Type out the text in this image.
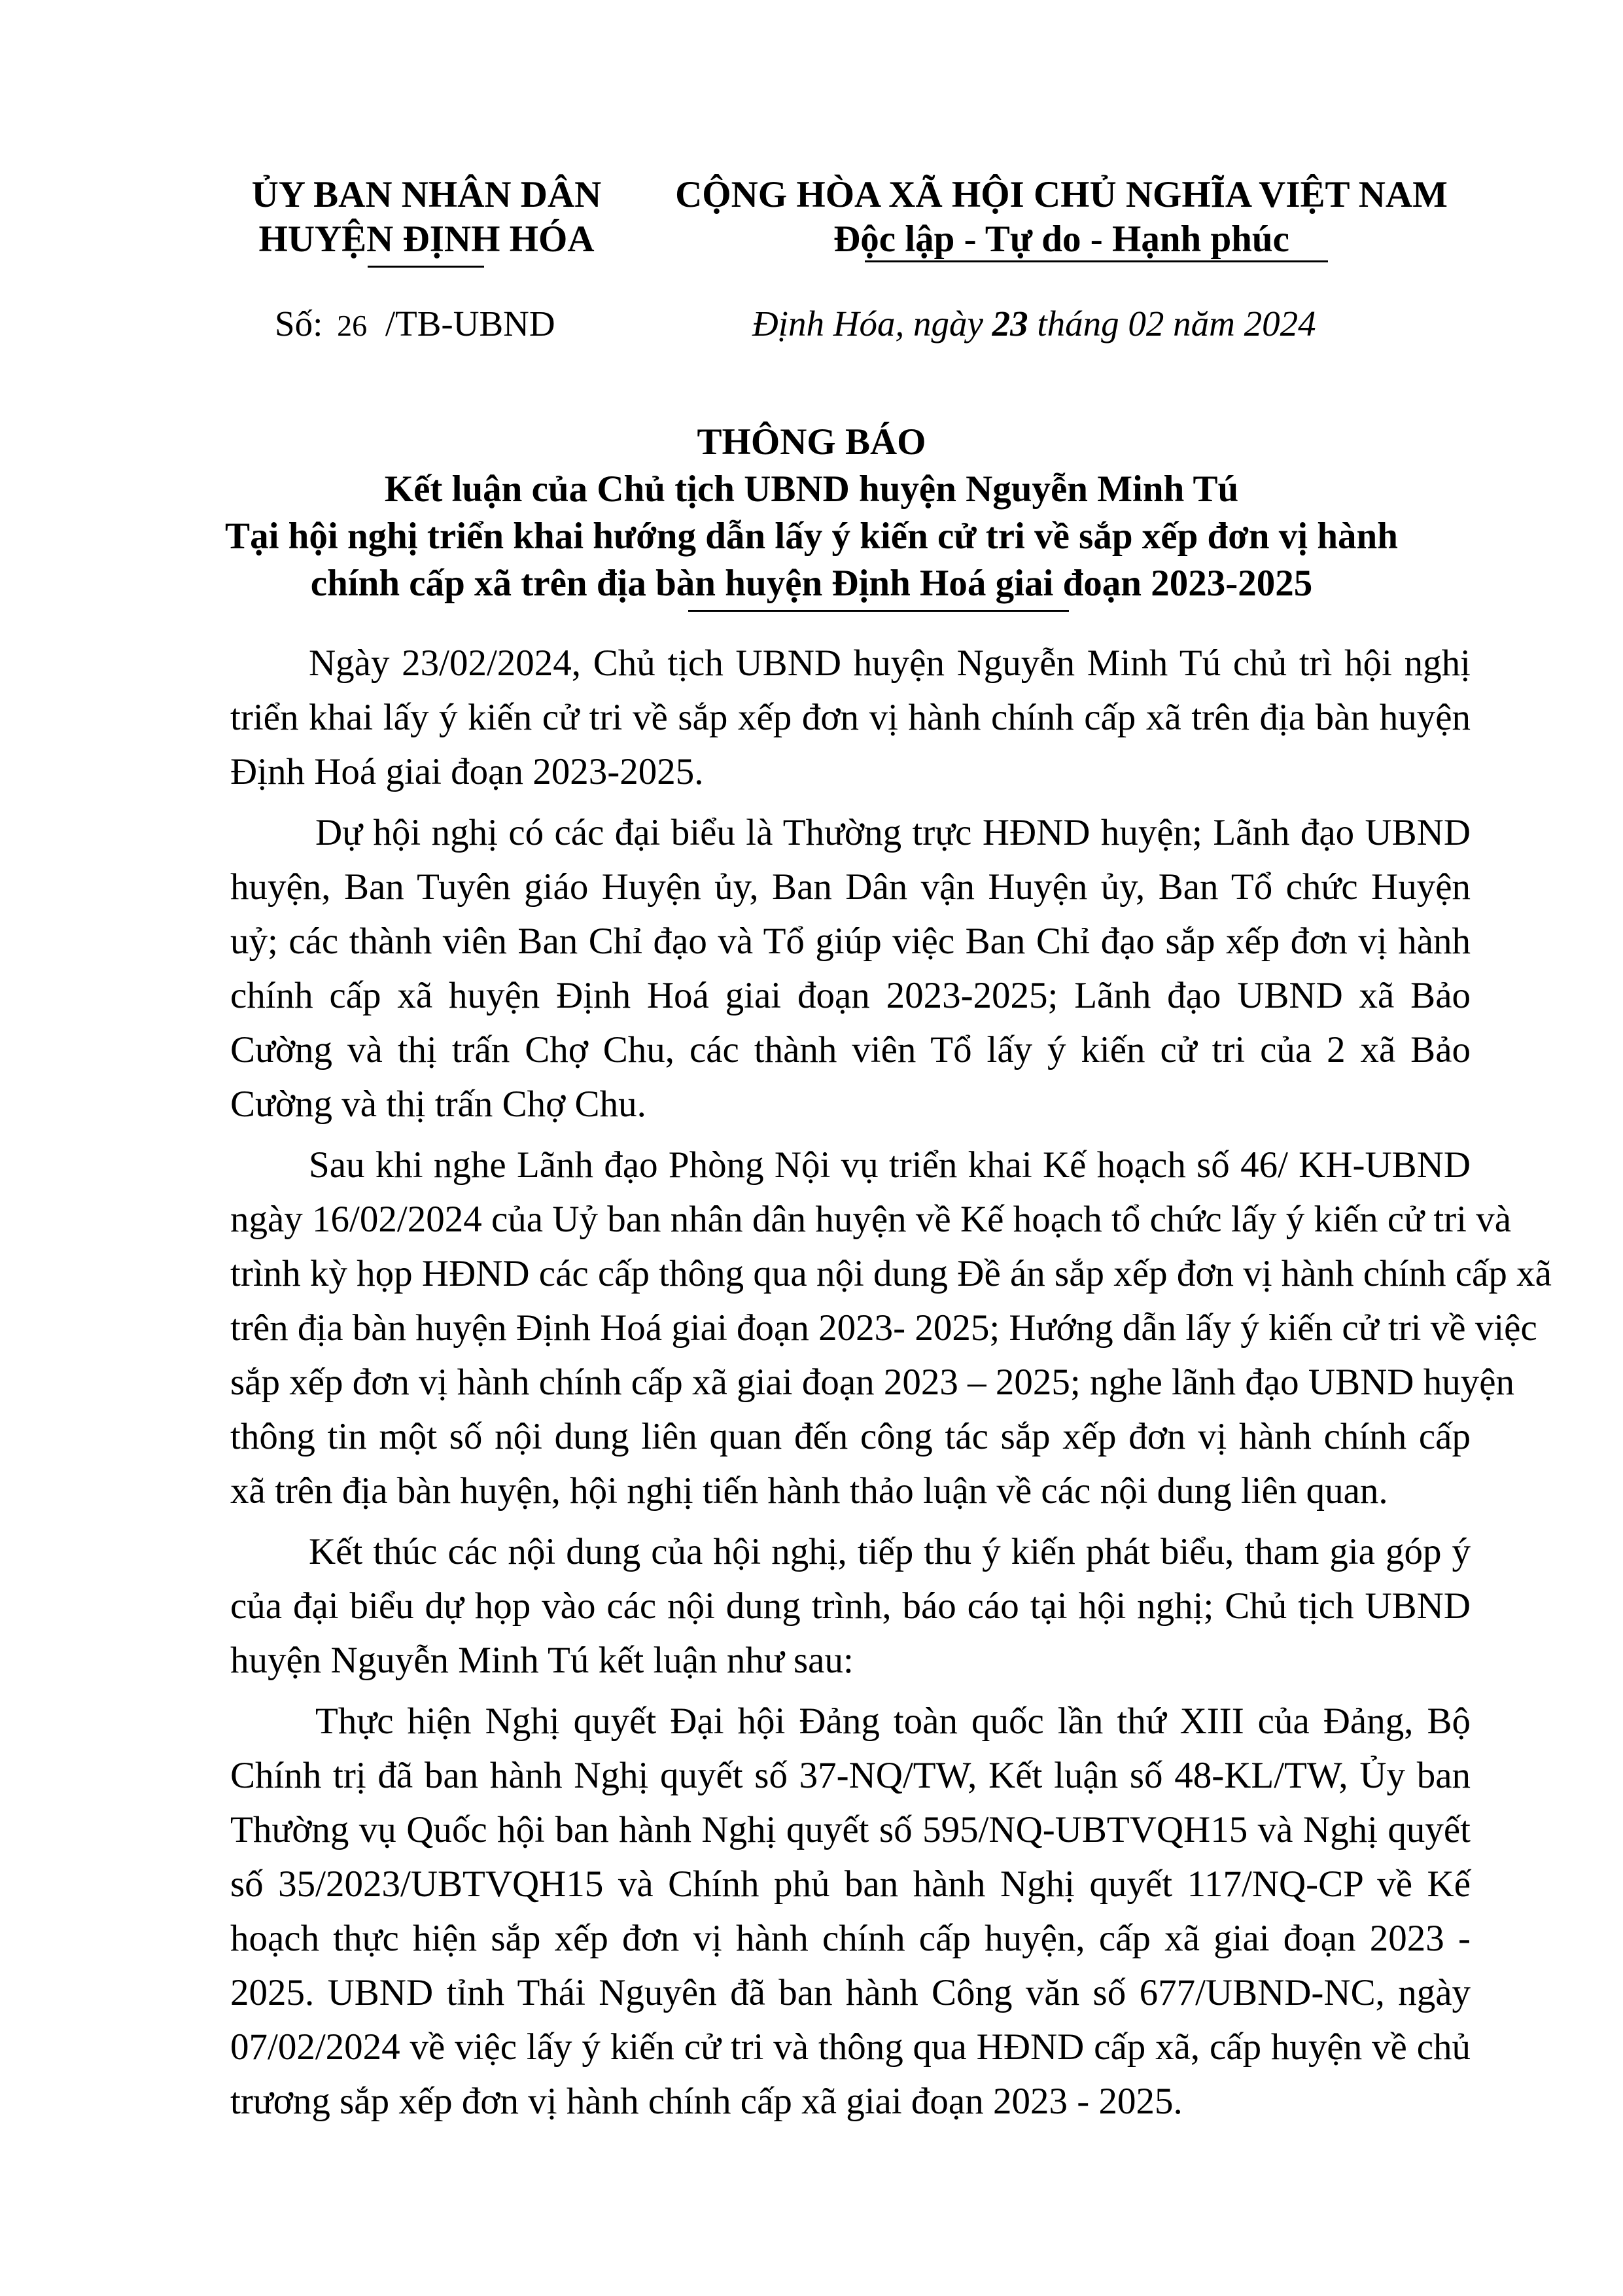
ỦY BAN NHÂN DÂN
HUYỆN ĐỊNH HÓA
CỘNG HÒA XÃ HỘI CHỦ NGHĨA VIỆT NAM
Độc lập - Tự do - Hạnh phúc
Số: 26 /TB-UBND	Định Hóa, ngày 23 tháng 02 năm 2024
THÔNG BÁO
Kết luận của Chủ tịch UBND huyện Nguyễn Minh Tú
Tại hội nghị triển khai hướng dẫn lấy ý kiến cử tri về sắp xếp đơn vị hành
chính cấp xã trên địa bàn huyện Định Hoá giai đoạn 2023-2025
Ngày 23/02/2024, Chủ tịch UBND huyện Nguyễn Minh Tú chủ trì hội nghị
triển khai lấy ý kiến cử tri về sắp xếp đơn vị hành chính cấp xã trên địa bàn huyện
Định Hoá giai đoạn 2023-2025.
Dự hội nghị có các đại biểu là Thường trực HĐND huyện; Lãnh đạo UBND
huyện, Ban Tuyên giáo Huyện ủy, Ban Dân vận Huyện ủy, Ban Tổ chức Huyện
uỷ; các thành viên Ban Chỉ đạo và Tổ giúp việc Ban Chỉ đạo sắp xếp đơn vị hành
chính cấp xã huyện Định Hoá giai đoạn 2023-2025; Lãnh đạo UBND xã Bảo
Cường và thị trấn Chợ Chu, các thành viên Tổ lấy ý kiến cử tri của 2 xã Bảo
Cường và thị trấn Chợ Chu.
Sau khi nghe Lãnh đạo Phòng Nội vụ triển khai Kế hoạch số 46/ KH-UBND
ngày 16/02/2024 của Uỷ ban nhân dân huyện về Kế hoạch tổ chức lấy ý kiến cử tri và
trình kỳ họp HĐND các cấp thông qua nội dung Đề án sắp xếp đơn vị hành chính cấp xã
trên địa bàn huyện Định Hoá giai đoạn 2023- 2025; Hướng dẫn lấy ý kiến cử tri về việc
sắp xếp đơn vị hành chính cấp xã giai đoạn 2023 – 2025; nghe lãnh đạo UBND huyện
thông tin một số nội dung liên quan đến công tác sắp xếp đơn vị hành chính cấp
xã trên địa bàn huyện, hội nghị tiến hành thảo luận về các nội dung liên quan.
Kết thúc các nội dung của hội nghị, tiếp thu ý kiến phát biểu, tham gia góp ý
của đại biểu dự họp vào các nội dung trình, báo cáo tại hội nghị; Chủ tịch UBND
huyện Nguyễn Minh Tú kết luận như sau:
Thực hiện Nghị quyết Đại hội Đảng toàn quốc lần thứ XIII của Đảng, Bộ
Chính trị đã ban hành Nghị quyết số 37-NQ/TW, Kết luận số 48-KL/TW, Ủy ban
Thường vụ Quốc hội ban hành Nghị quyết số 595/NQ-UBTVQH15 và Nghị quyết
số 35/2023/UBTVQH15 và Chính phủ ban hành Nghị quyết 117/NQ-CP về Kế
hoạch thực hiện sắp xếp đơn vị hành chính cấp huyện, cấp xã giai đoạn 2023 -
2025. UBND tỉnh Thái Nguyên đã ban hành Công văn số 677/UBND-NC, ngày
07/02/2024 về việc lấy ý kiến cử tri và thông qua HĐND cấp xã, cấp huyện về chủ
trương sắp xếp đơn vị hành chính cấp xã giai đoạn 2023 - 2025.
